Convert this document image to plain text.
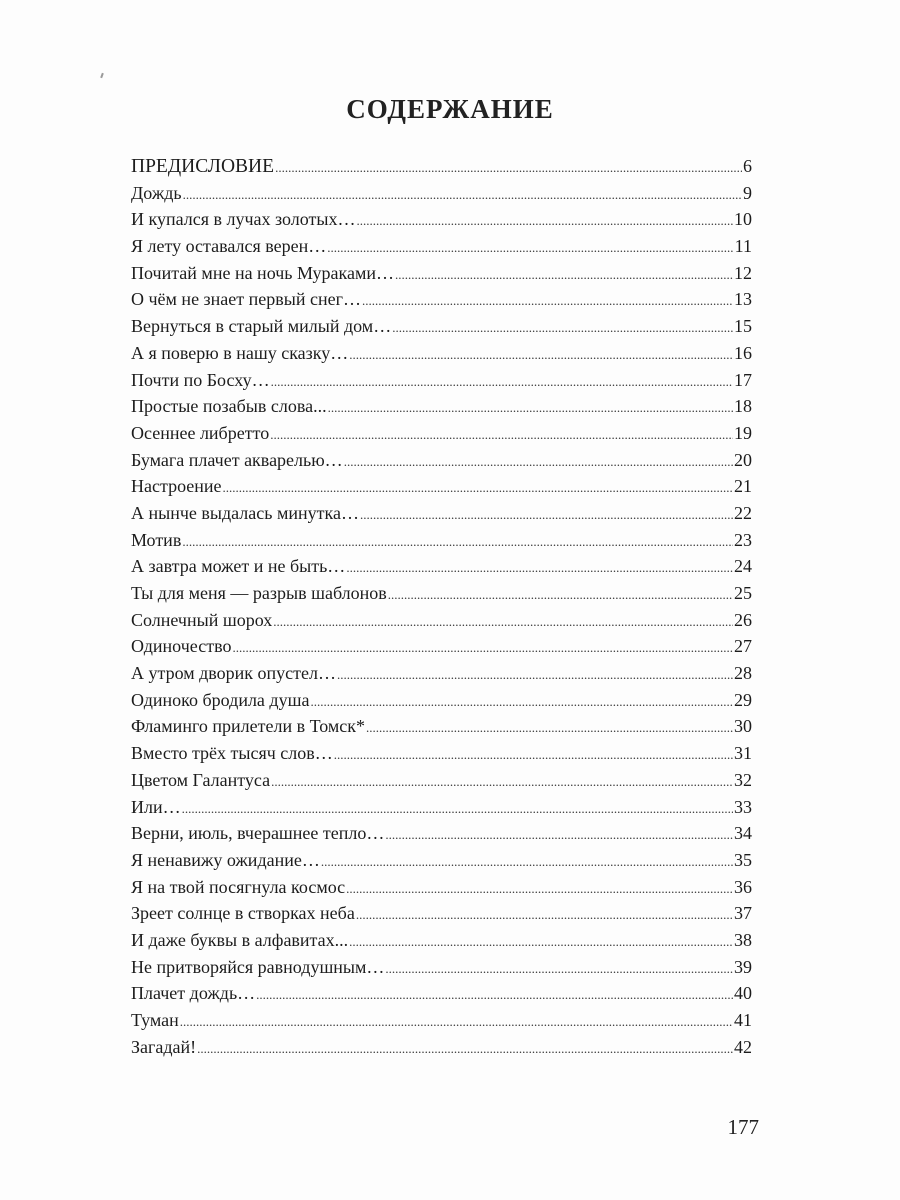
СОДЕРЖАНИЕ
ПРЕДИСЛОВИЕ .....	6
Дождь .....	9
И купался в лучах золотых… .....	10
Я лету оставался верен… .....	11
Почитай мне на ночь Мураками… .....	12
О чём не знает первый снег… .....	13
Вернуться в старый милый дом… .....	15
А я поверю в нашу сказку… .....	16
Почти по Босху… .....	17
Простые позабыв слова... .....	18
Осеннее либретто .....	19
Бумага плачет акварелью… .....	20
Настроение .....	21
А нынче выдалась минутка… .....	22
Мотив .....	23
А завтра может и не быть… .....	24
Ты для меня — разрыв шаблонов .....	25
Солнечный шорох .....	26
Одиночество .....	27
А утром дворик опустел… .....	28
Одиноко бродила душа .....	29
Фламинго прилетели в Томск* .....	30
Вместо трёх тысяч слов… .....	31
Цветом Галантуса .....	32
Или… .....	33
Верни, июль, вчерашнее тепло… .....	34
Я ненавижу ожидание… .....	35
Я на твой посягнула космос .....	36
Зреет солнце в створках неба .....	37
И даже буквы в алфавитах... .....	38
Не притворяйся равнодушным… .....	39
Плачет дождь… .....	40
Туман .....	41
Загадай! .....	42
177
